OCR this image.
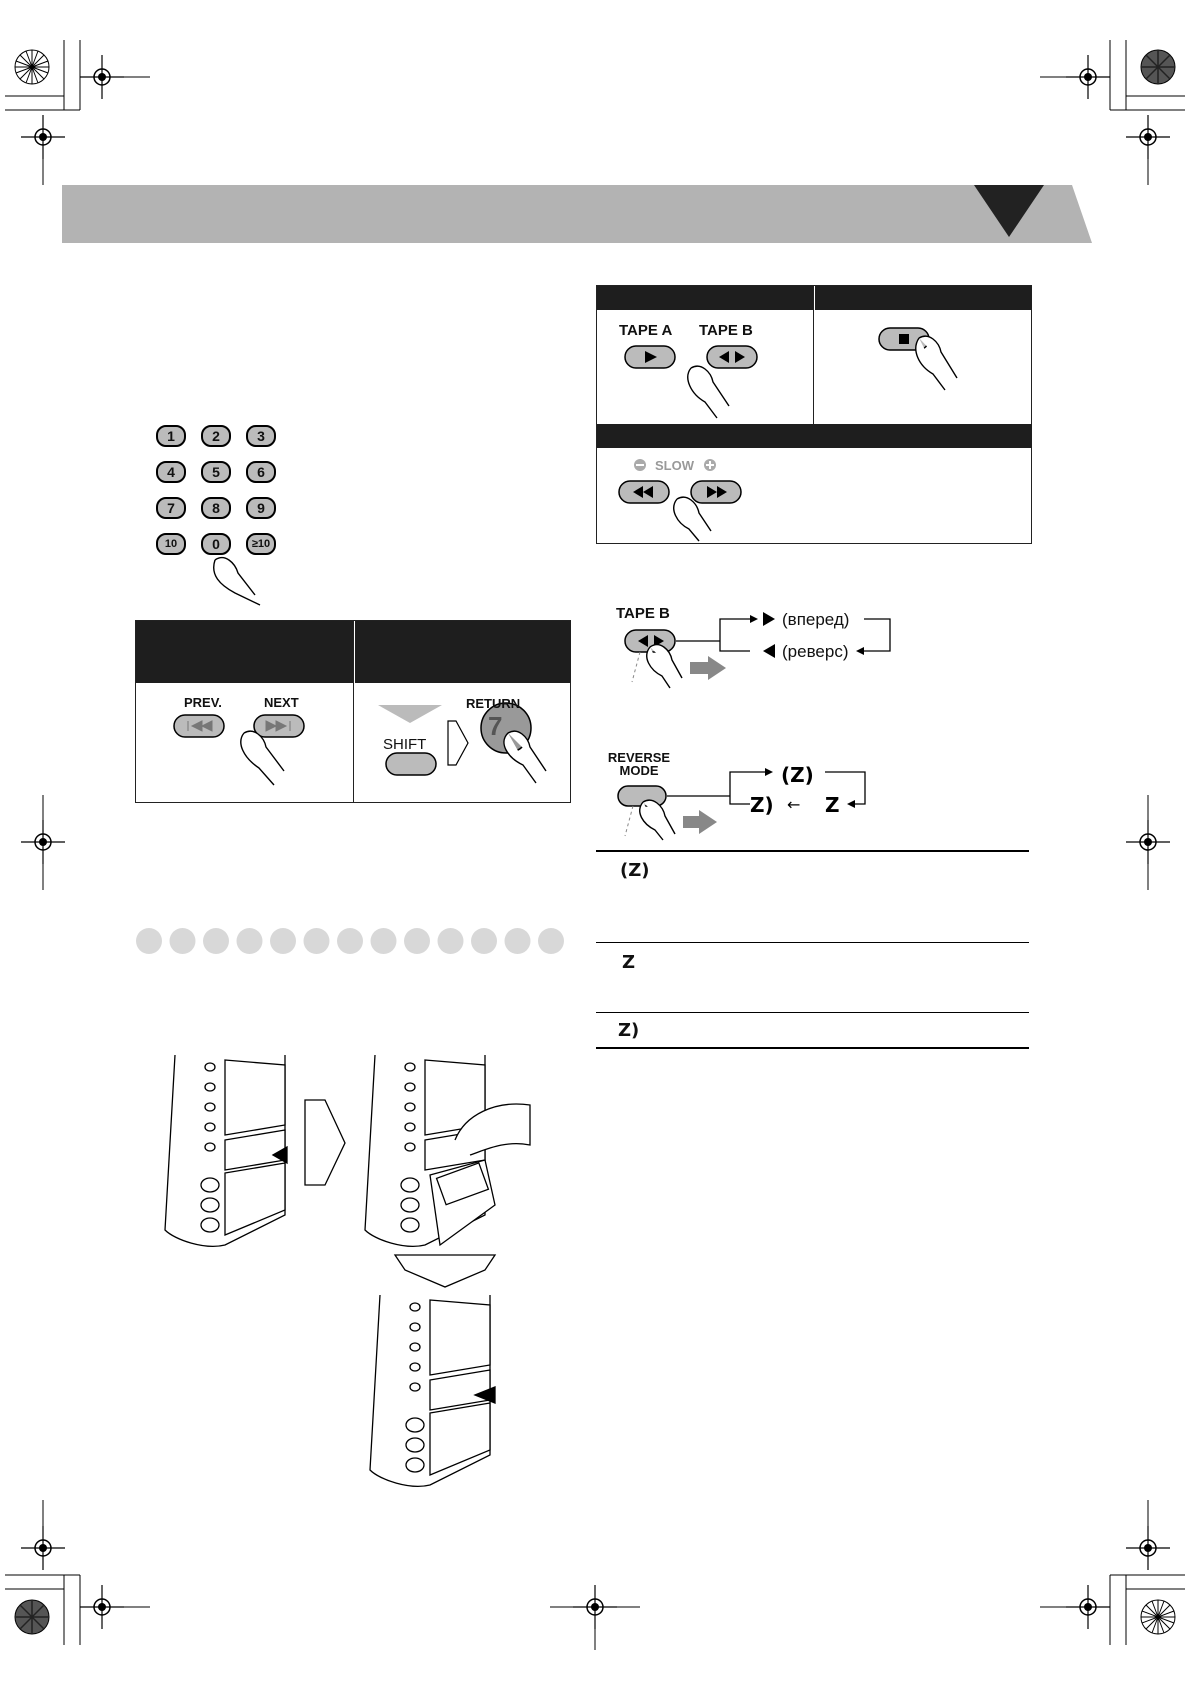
1	2	3
4	5	6
7	8	9
10	0	≥10
PREV.	NEXT
SHIFT
RETURN
7
TAPE A TAPE B
SLOW
TAPE B	(вперед)
(реверс)
REVERSE
MODE	(Z)
Z) ← Z

(Z)
Z
Z)
